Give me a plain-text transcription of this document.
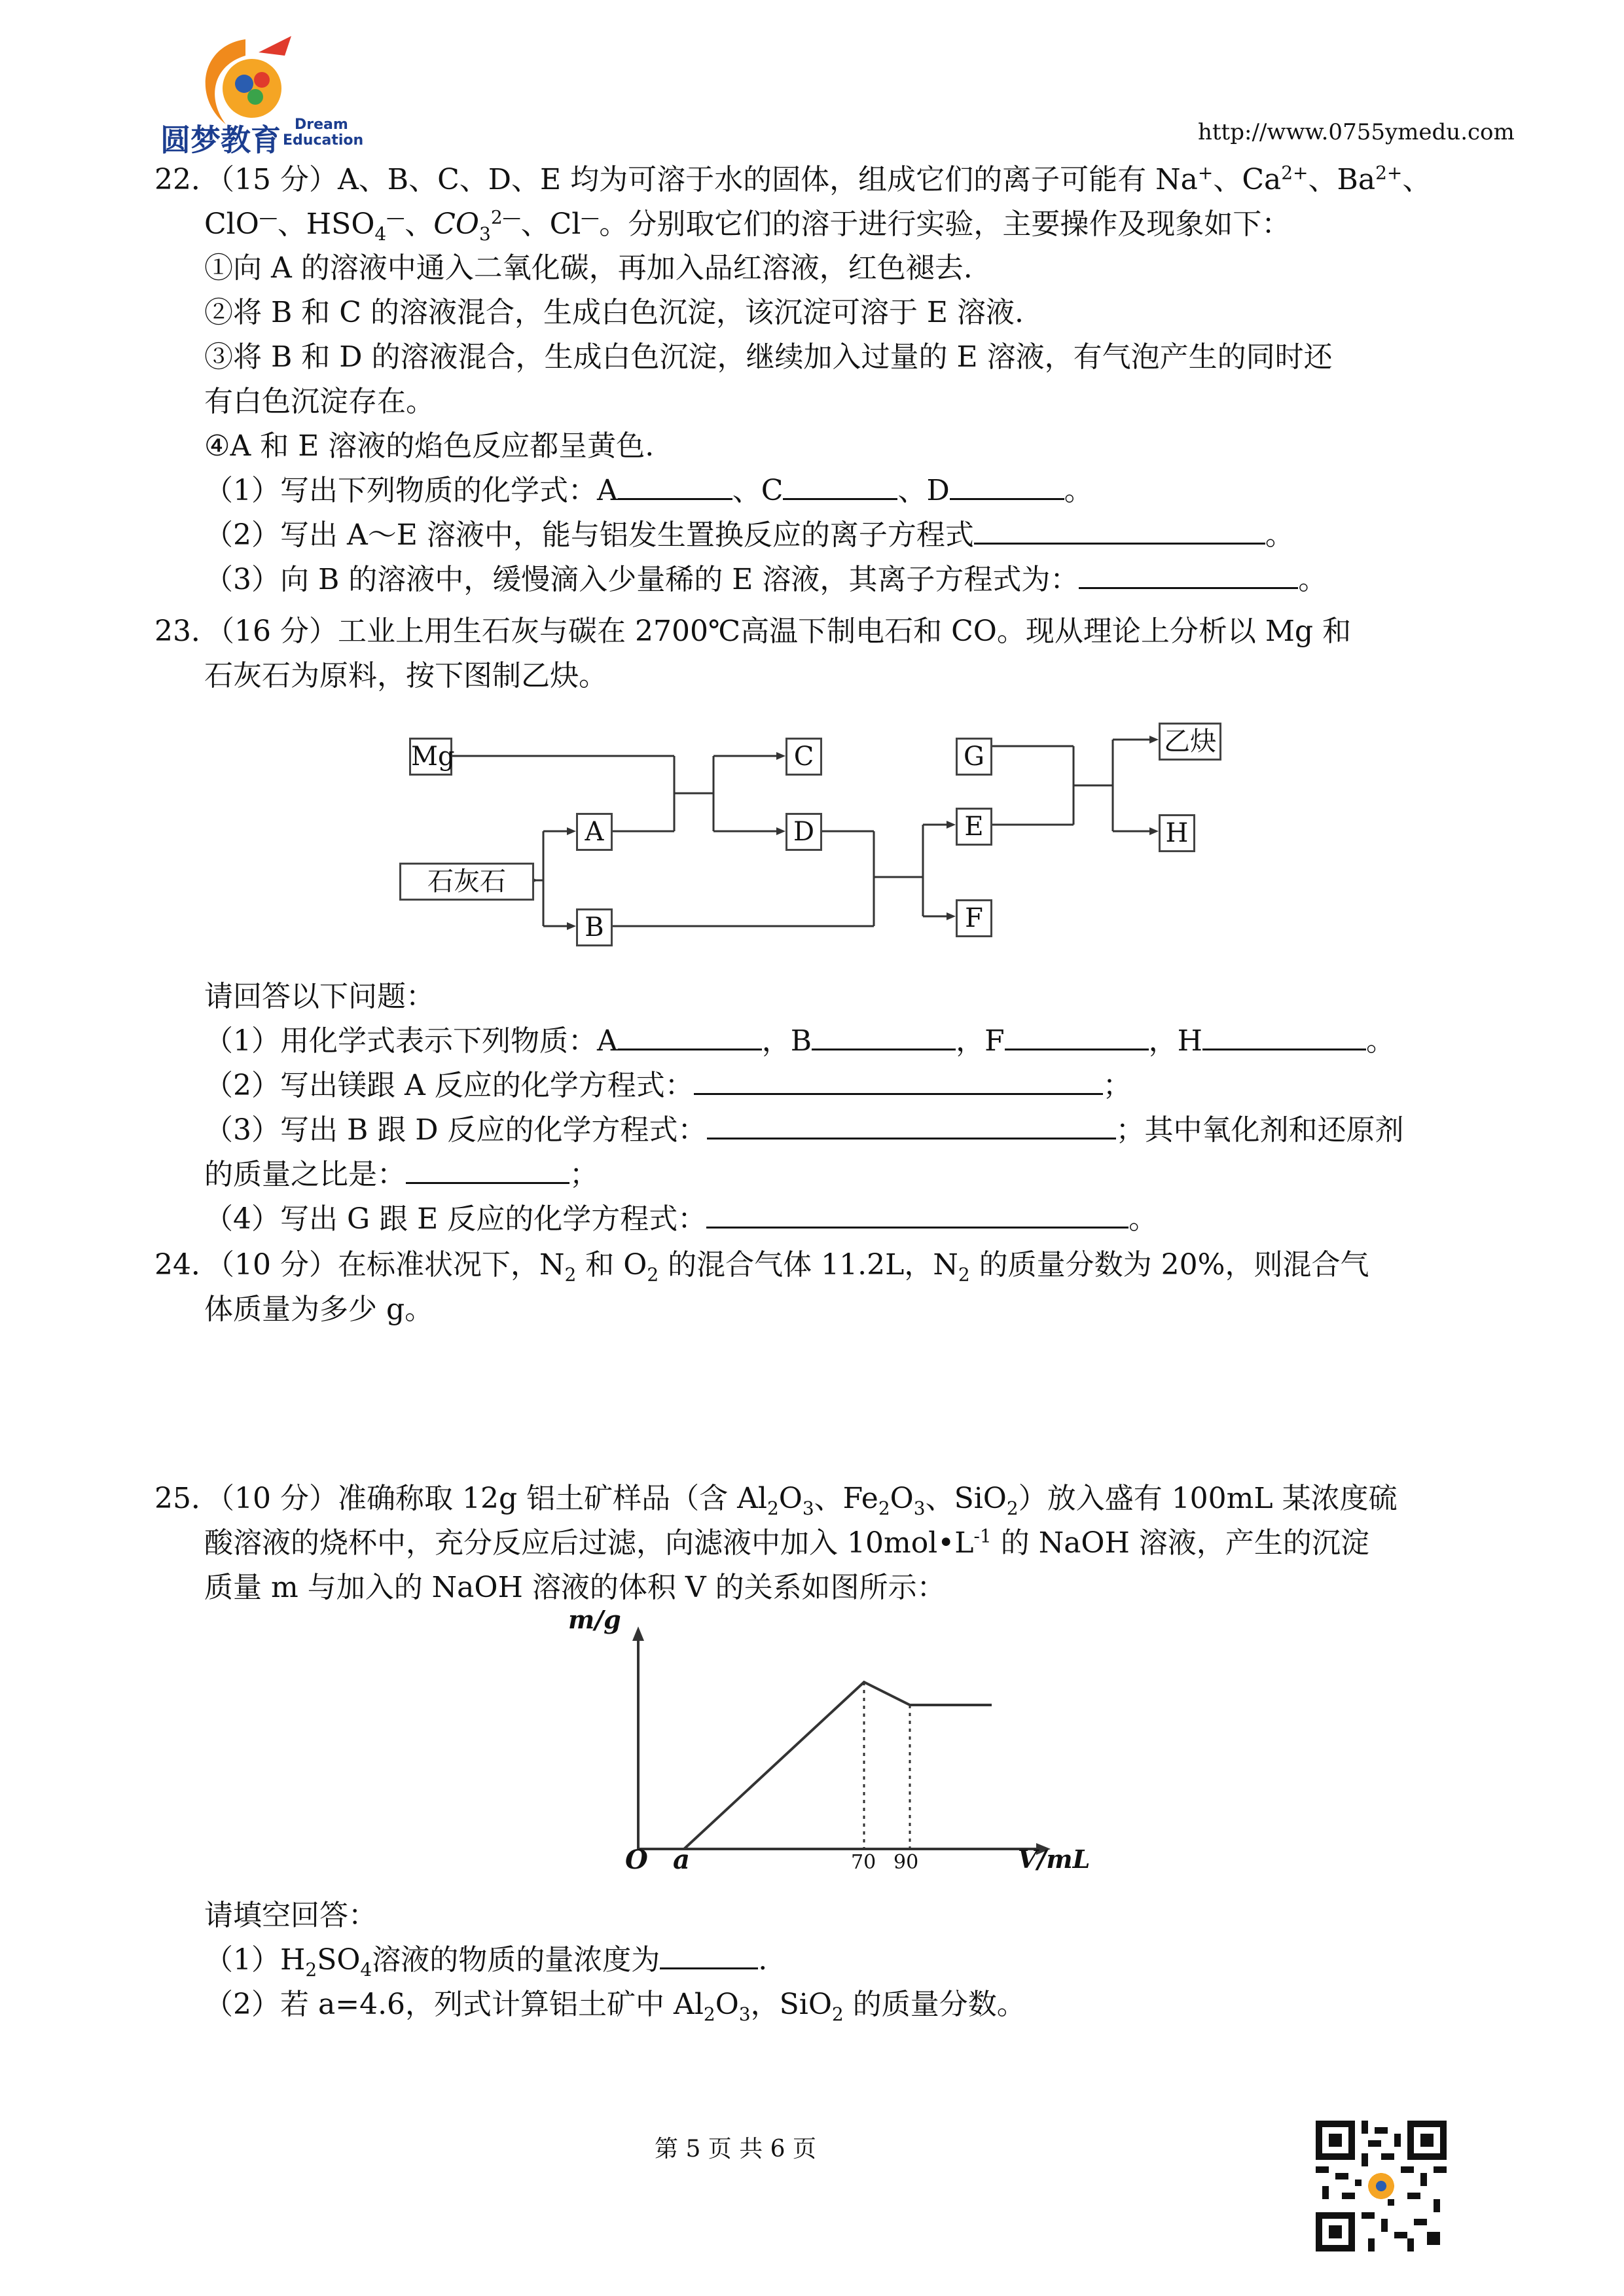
圆梦教育 Dream
Education	http://www.0755ymedu.com
22．（15 分）A、B、C、D、E 均为可溶于水的固体，组成它们的离子可能有 Na+、$Ca^{2+}$、$Ba^{2+}$、
ClO—、$HSO_4^—$、$CO_3^{2—}$、Cl—。分别取它们的溶于进行实验，主要操作及现象如下：
①向 A 的溶液中通入二氧化碳，再加入品红溶液，红色褪去.
②将 B 和 C 的溶液混合，生成白色沉淀，该沉淀可溶于 E 溶液.
③将 B 和 D 的溶液混合，生成白色沉淀，继续加入过量的 E 溶液，有气泡产生的同时还
有白色沉淀存在。
④A 和 E 溶液的焰色反应都呈黄色.
（1）写出下列物质的化学式：A	、C	、D	。
（2）写出 A～E 溶液中，能与铝发生置换反应的离子方程式	。
（3）向 B 的溶液中，缓慢滴入少量稀的 E 溶液，其离子方程式为：	。
23．（16 分）工业上用生石灰与碳在 2700℃高温下制电石和 CO。现从理论上分析以 Mg 和
石灰石为原料，按下图制乙炔。
Mg	C
A	D
石灰石
B
G	乙炔
E	H
F
请回答以下问题：
（1）用化学式表示下列物质：A	，B	，F	，H	。
（2）写出镁跟 A 反应的化学方程式：	；
（3）写出 B 跟 D 反应的化学方程式：	；其中氧化剂和还原剂
的质量之比是：	；
（4）写出 G 跟 E 反应的化学方程式：	。
24．（10 分）在标准状况下，$N_2$ 和 $O_2$ 的混合气体 11.2L，$N_2$ 的质量分数为 20%，则混合气
体质量为多少 g。
25．（10 分）准确称取 12g 铝土矿样品（含 $Al_2O_3$、$Fe_2O_3$、SiO$_2$）放入盛有 100mL 某浓度硫
酸溶液的烧杯中，充分反应后过滤，向滤液中加入 $10mol•L^{-1}$ 的 NaOH 溶液，产生的沉淀
质量 m 与加入的 NaOH 溶液的体积 V 的关系如图所示：
m/g
O a	70 90	V/mL
请填空回答：
$(1)H_2SO_4$溶液的物质的量浓度为	.
（2）若 a=4.6，列式计算铝土矿中 $Al_2O_3$，SiO$_2$ 的质量分数。
第 5 页 共 6 页
